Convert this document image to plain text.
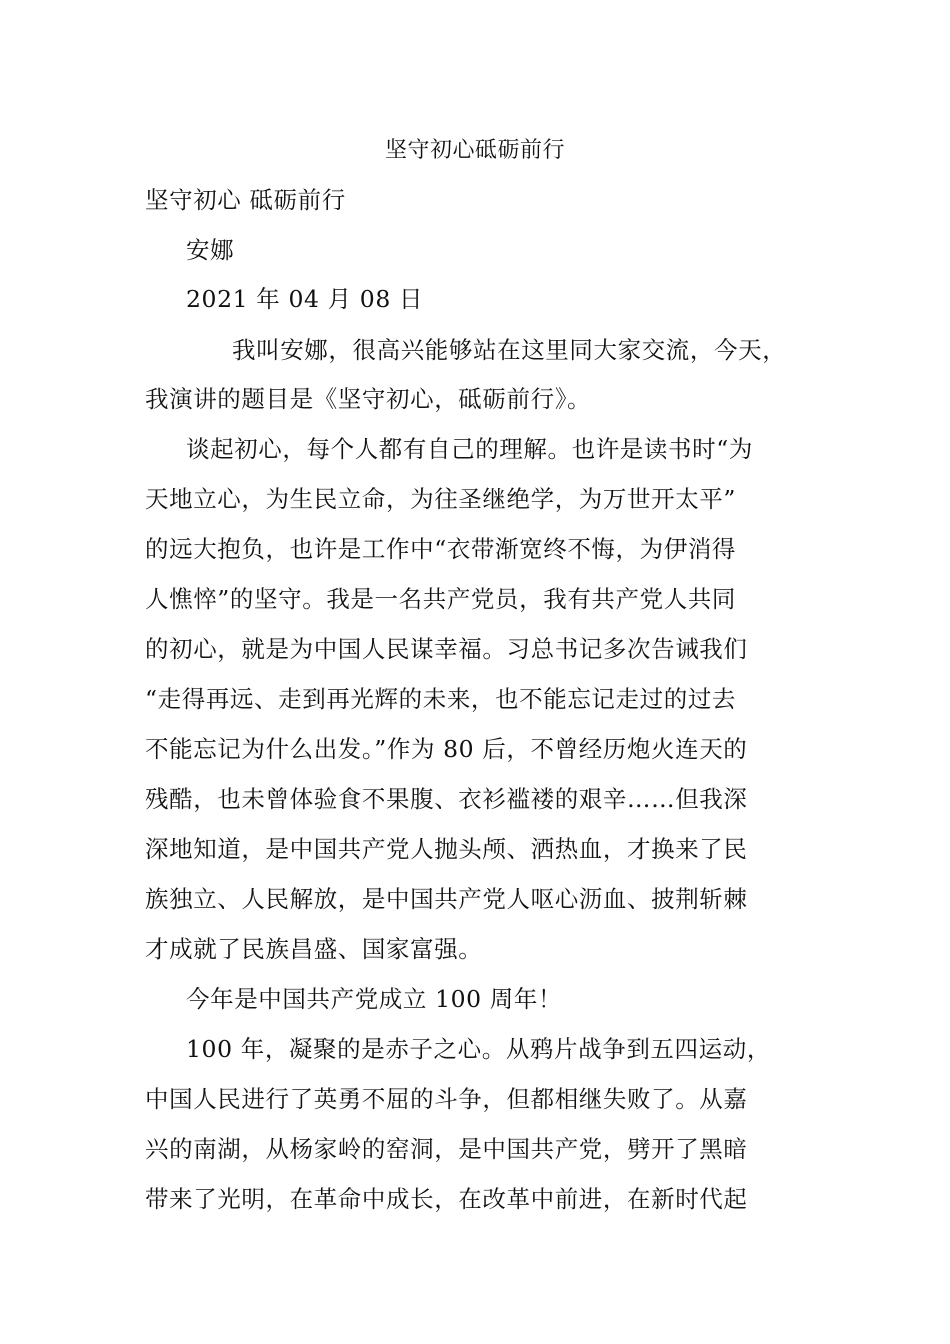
坚守初心砥砺前行
坚守初心 砥砺前行
安娜
2021 年 04 月 08 日
我叫安娜，很高兴能够站在这里同大家交流，今天，
我演讲的题目是《坚守初心，砥砺前行》。
谈起初心，每个人都有自己的理解。也许是读书时“为
天地立心，为生民立命，为往圣继绝学，为万世开太平”
的远大抱负，也许是工作中“衣带渐宽终不悔，为伊消得
人憔悴”的坚守。我是一名共产党员，我有共产党人共同
的初心，就是为中国人民谋幸福。习总书记多次告诫我们
“走得再远、走到再光辉的未来，也不能忘记走过的过去
不能忘记为什么出发。”作为 80 后，不曾经历炮火连天的
残酷，也未曾体验食不果腹、衣衫褴褛的艰辛……但我深
深地知道，是中国共产党人抛头颅、洒热血，才换来了民
族独立、人民解放，是中国共产党人呕心沥血、披荆斩棘
才成就了民族昌盛、国家富强。
今年是中国共产党成立 100 周年！
100 年，凝聚的是赤子之心。从鸦片战争到五四运动，
中国人民进行了英勇不屈的斗争，但都相继失败了。从嘉
兴的南湖，从杨家岭的窑洞，是中国共产党，劈开了黑暗
带来了光明，在革命中成长，在改革中前进，在新时代起
